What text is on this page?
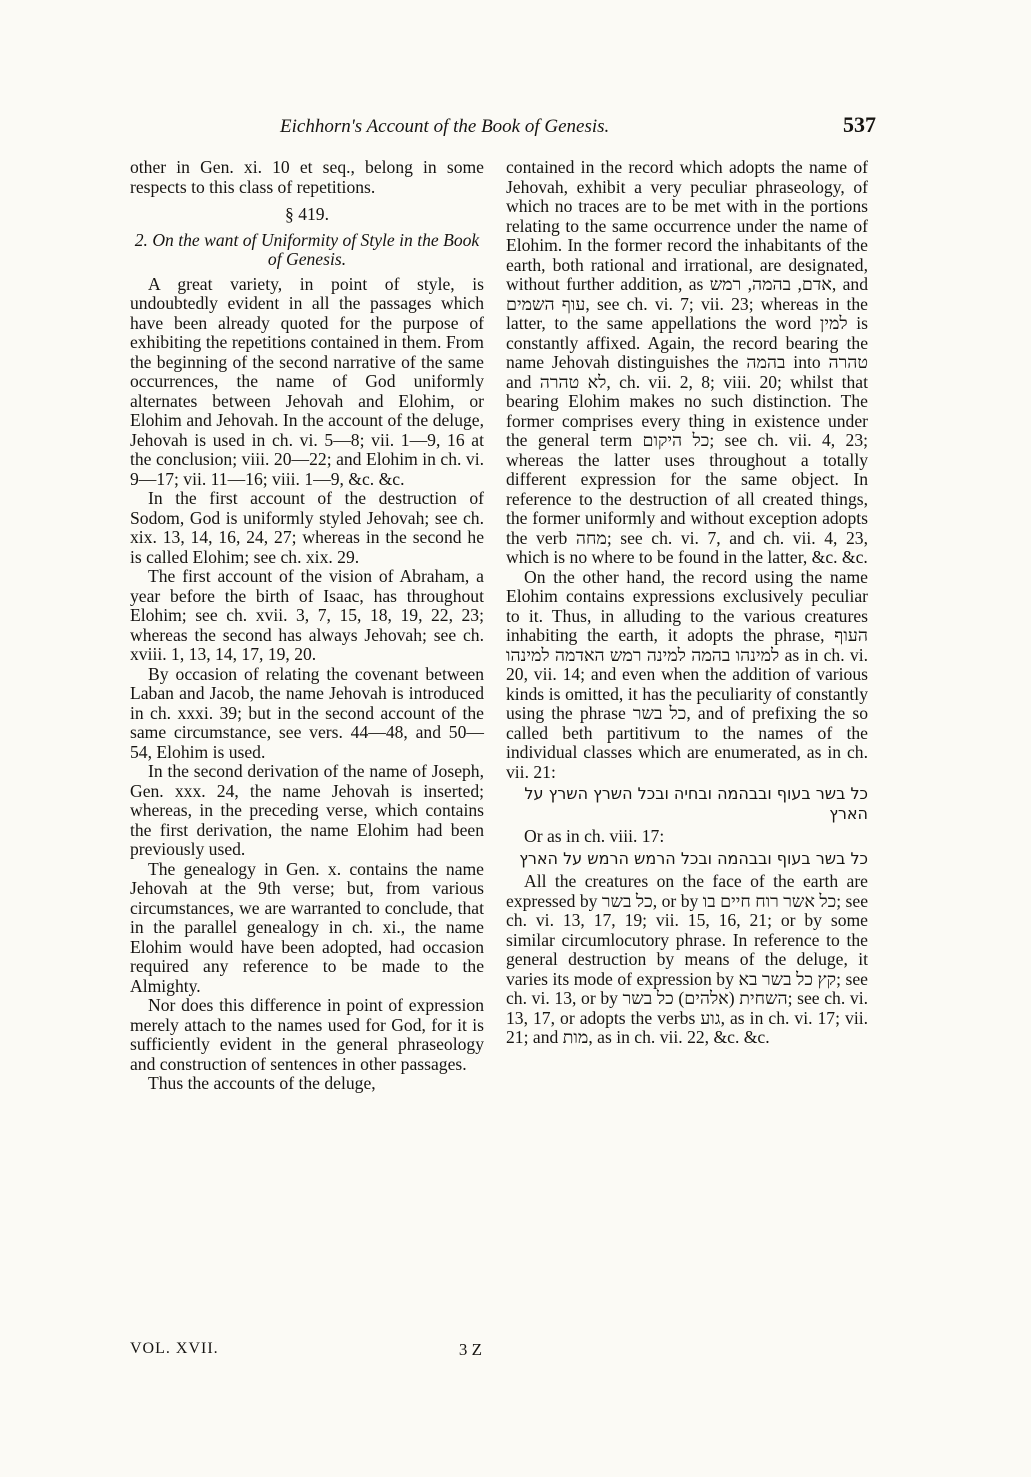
Eichhorn's Account of the Book of Genesis.	537

other in Gen. xi. 10 et seq., belong in some respects to this class of repetitions.

§ 419.
2. On the want of Uniformity of Style in the Book of Genesis.

A great variety, in point of style, is undoubtedly evident in all the passages which have been already quoted for the purpose of exhibiting the repetitions contained in them. From the beginning of the second narrative of the same occurrences, the name of God uniformly alternates between Jehovah and Elohim, or Elohim and Jehovah. In the account of the deluge, Jehovah is used in ch. vi. 5—8; vii. 1—9, 16 at the conclusion; viii. 20—22; and Elohim in ch. vi. 9—17; vii. 11—16; viii. 1—9, &c. &c.

In the first account of the destruction of Sodom, God is uniformly styled Jehovah; see ch. xix. 13, 14, 16, 24, 27; whereas in the second he is called Elohim; see ch. xix. 29.

The first account of the vision of Abraham, a year before the birth of Isaac, has throughout Elohim; see ch. xvii. 3, 7, 15, 18, 19, 22, 23; whereas the second has always Jehovah; see ch. xviii. 1, 13, 14, 17, 19, 20.

By occasion of relating the covenant between Laban and Jacob, the name Jehovah is introduced in ch. xxxi. 39; but in the second account of the same circumstance, see vers. 44—48, and 50—54, Elohim is used.

In the second derivation of the name of Joseph, Gen. xxx. 24, the name Jehovah is inserted; whereas, in the preceding verse, which contains the first derivation, the name Elohim had been previously used.

The genealogy in Gen. x. contains the name Jehovah at the 9th verse; but, from various circumstances, we are warranted to conclude, that in the parallel genealogy in ch. xi., the name Elohim would have been adopted, had occasion required any reference to be made to the Almighty.

Nor does this difference in point of expression merely attach to the names used for God, for it is sufficiently evident in the general phraseology and construction of sentences in other passages.

Thus the accounts of the deluge,

contained in the record which adopts the name of Jehovah, exhibit a very peculiar phraseology, of which no traces are to be met with in the portions relating to the same occurrence under the name of Elohim. In the former record the inhabitants of the earth, both rational and irrational, are designated, without further addition, as אדם, בהמה, רמש, and עוף השמים, see ch. vi. 7; vii. 23; whereas in the latter, to the same appellations the word למין is constantly affixed. Again, the record bearing the name Jehovah distinguishes the בהמה into טהרה and לא טהרה, ch. vii. 2, 8; viii. 20; whilst that bearing Elohim makes no such distinction. The former comprises every thing in existence under the general term כל היקום; see ch. vii. 4, 23; whereas the latter uses throughout a totally different expression for the same object. In reference to the destruction of all created things, the former uniformly and without exception adopts the verb מחה; see ch. vi. 7, and ch. vii. 4, 23, which is no where to be found in the latter, &c. &c.

On the other hand, the record using the name Elohim contains expressions exclusively peculiar to it. Thus, in alluding to the various creatures inhabiting the earth, it adopts the phrase, העוף למינהו בהמה למינה רמש האדמה למינהו as in ch. vi. 20, vii. 14; and even when the addition of various kinds is omitted, it has the peculiarity of constantly using the phrase כל בשר, and of prefixing the so called beth partitivum to the names of the individual classes which are enumerated, as in ch. vii. 21:

כל בשר בעוף ובבהמה ובחיה ובכל השרץ השרץ על הארץ

Or as in ch. viii. 17:

כל בשר בעוף ובבהמה ובכל הרמש הרמש על הארץ

All the creatures on the face of the earth are expressed by כל בשר, or by כל אשר רוח חיים בו; see ch. vi. 13, 17, 19; vii. 15, 16, 21; or by some similar circumlocutory phrase. In reference to the general destruction by means of the deluge, it varies its mode of expression by קץ כל בשר בא; see ch. vi. 13, or by השחית (אלהים) כל בשר; see ch. vi. 13, 17, or adopts the verbs גוע, as in ch. vi. 17; vii. 21; and מות, as in ch. vii. 22, &c. &c.

VOL. XVII.	3 Z
